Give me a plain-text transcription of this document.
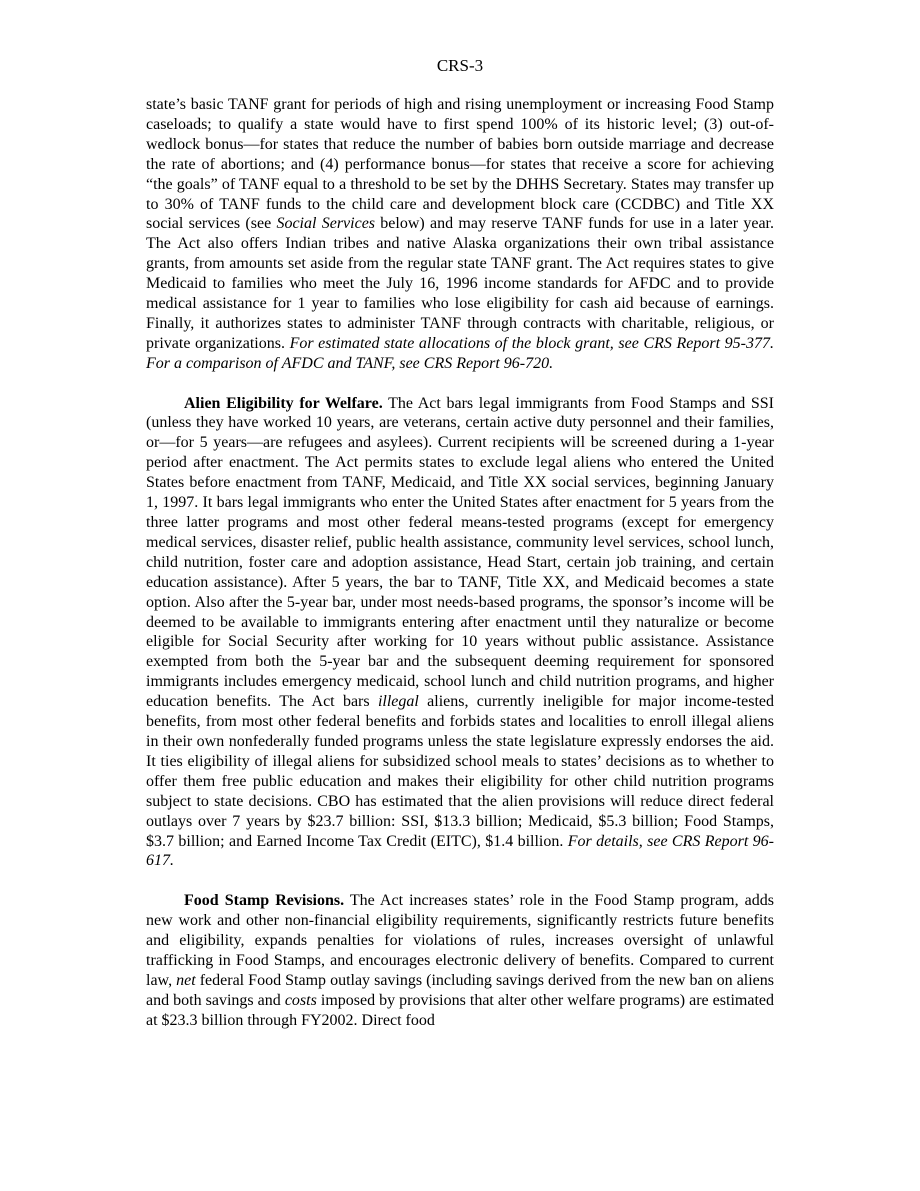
CRS-3

state’s basic TANF grant for periods of high and rising unemployment or increasing Food Stamp caseloads; to qualify a state would have to first spend 100% of its historic level; (3) out-of-wedlock bonus—for states that reduce the number of babies born outside marriage and decrease the rate of abortions; and (4) performance bonus—for states that receive a score for achieving “the goals” of TANF equal to a threshold to be set by the DHHS Secretary. States may transfer up to 30% of TANF funds to the child care and development block care (CCDBC) and Title XX social services (see Social Services below) and may reserve TANF funds for use in a later year. The Act also offers Indian tribes and native Alaska organizations their own tribal assistance grants, from amounts set aside from the regular state TANF grant. The Act requires states to give Medicaid to families who meet the July 16, 1996 income standards for AFDC and to provide medical assistance for 1 year to families who lose eligibility for cash aid because of earnings. Finally, it authorizes states to administer TANF through contracts with charitable, religious, or private organizations. For estimated state allocations of the block grant, see CRS Report 95-377. For a comparison of AFDC and TANF, see CRS Report 96-720.

Alien Eligibility for Welfare. The Act bars legal immigrants from Food Stamps and SSI (unless they have worked 10 years, are veterans, certain active duty personnel and their families, or—for 5 years—are refugees and asylees). Current recipients will be screened during a 1-year period after enactment. The Act permits states to exclude legal aliens who entered the United States before enactment from TANF, Medicaid, and Title XX social services, beginning January 1, 1997. It bars legal immigrants who enter the United States after enactment for 5 years from the three latter programs and most other federal means-tested programs (except for emergency medical services, disaster relief, public health assistance, community level services, school lunch, child nutrition, foster care and adoption assistance, Head Start, certain job training, and certain education assistance). After 5 years, the bar to TANF, Title XX, and Medicaid becomes a state option. Also after the 5-year bar, under most needs-based programs, the sponsor’s income will be deemed to be available to immigrants entering after enactment until they naturalize or become eligible for Social Security after working for 10 years without public assistance. Assistance exempted from both the 5-year bar and the subsequent deeming requirement for sponsored immigrants includes emergency medicaid, school lunch and child nutrition programs, and higher education benefits. The Act bars illegal aliens, currently ineligible for major income-tested benefits, from most other federal benefits and forbids states and localities to enroll illegal aliens in their own nonfederally funded programs unless the state legislature expressly endorses the aid. It ties eligibility of illegal aliens for subsidized school meals to states’ decisions as to whether to offer them free public education and makes their eligibility for other child nutrition programs subject to state decisions. CBO has estimated that the alien provisions will reduce direct federal outlays over 7 years by $23.7 billion: SSI, $13.3 billion; Medicaid, $5.3 billion; Food Stamps, $3.7 billion; and Earned Income Tax Credit (EITC), $1.4 billion. For details, see CRS Report 96-617.

Food Stamp Revisions. The Act increases states’ role in the Food Stamp program, adds new work and other non-financial eligibility requirements, significantly restricts future benefits and eligibility, expands penalties for violations of rules, increases oversight of unlawful trafficking in Food Stamps, and encourages electronic delivery of benefits. Compared to current law, net federal Food Stamp outlay savings (including savings derived from the new ban on aliens and both savings and costs imposed by provisions that alter other welfare programs) are estimated at $23.3 billion through FY2002. Direct food
